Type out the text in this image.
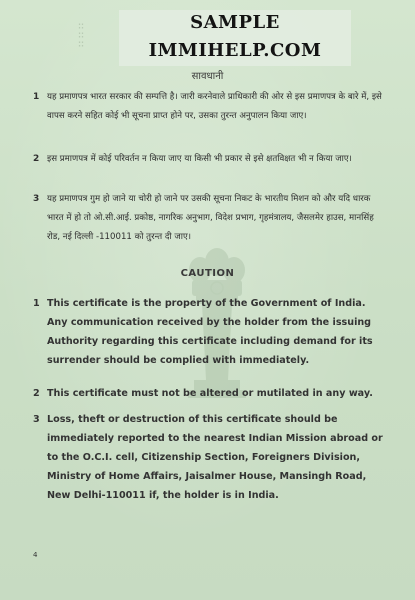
∷
∷
∷
SAMPLE
IMMIHELP.COM
सावधानी
1 यह प्रमाणपत्र भारत सरकार की सम्पत्ति है। जारी करनेवाले प्राधिकारी की ओर से इस प्रमाणपत्र के बारे में, इसे वापस करने सहित कोई भी सूचना प्राप्त होने पर, उसका तुरन्त अनुपालन किया जाए।
2 इस प्रमाणपत्र में कोई परिवर्तन न किया जाए या किसी भी प्रकार से इसे क्षतविक्षत भी न किया जाए।
3 यह प्रमाणपत्र गुम हो जाने या चोरी हो जाने पर उसकी सूचना निकट के भारतीय मिशन को और यदि धारक भारत में हो तो ओ.सी.आई. प्रकोष्ठ, नागरिक अनुभाग, विदेश प्रभाग, गृहमंत्रालय, जैसलमेर हाउस, मानसिंह रोड, नई दिल्ली -110011 को तुरन्त दी जाए।
CAUTION
1 This certificate is the property of the Government of India. Any communication received by the holder from the issuing Authority regarding this certificate including demand for its surrender should be complied with immediately.
2 This certificate must not be altered or mutilated in any way.
3 Loss, theft or destruction of this certificate should be immediately reported to the nearest Indian Mission abroad or to the O.C.I. cell, Citizenship Section, Foreigners Division, Ministry of Home Affairs, Jaisalmer House, Mansingh Road, New Delhi-110011 if, the holder is in India.
4
